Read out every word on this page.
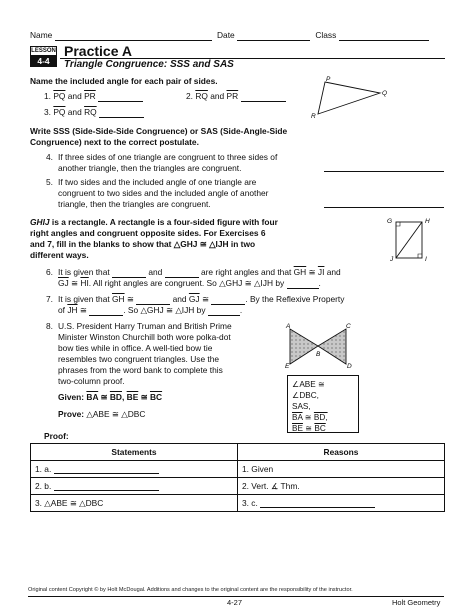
Name	Date	Class
LESSON
4-4
Practice A
Triangle Congruence: SSS and SAS
Name the included angle for each pair of sides.
1. $\overline{PQ}$ and $\overline{PR}$	2. $\overline{RQ}$ and $\overline{PR}$
3. $\overline{PQ}$ and $\overline{RQ}$
P
Q
R
Write SSS (Side-Side-Side Congruence) or SAS (Side-Angle-Side
Congruence) next to the correct postulate.
4. If three sides of one triangle are congruent to three sides of
another triangle, then the triangles are congruent.
5. If two sides and the included angle of one triangle are
congruent to two sides and the included angle of another
triangle, then the triangles are congruent.
GHIJ is a rectangle. A rectangle is a four-sided figure with four
right angles and congruent opposite sides. For Exercises 6
and 7, fill in the blanks to show that △GHJ ≅ △IJH in two
different ways.
G	H
J	I
6. It is given that	and	are right angles and that $\overline{GH}$ ≅ $\overline{JI}$ and
$\overline{GJ}$ ≅ $\overline{HI}$. All right angles are congruent. So △GHJ ≅ △IJH by	.
7. It is given that $\overline{GH}$ ≅	and $\overline{GJ}$ ≅	. By the Reflexive Property
of $\overline{JH}$ ≅	. So △GHJ ≅ △IJH by	.
8. U.S. President Harry Truman and British Prime
Minister Winston Churchill both wore polka-dot
bow ties while in office. A well-tied bow tie
resembles two congruent triangles. Use the
phrases from the word bank to complete this
two-column proof.
Given: $\overline{BA}$ ≅ $\overline{BD}$, $\overline{BE}$ ≅ $\overline{BC}$
Prove: △ABE ≅ △DBC
A
B
C
D
E
∠ABE ≅ ∠DBC,
SAS,
$\overline{BA}$ ≅ BD,
$\overline{BE}$ ≅ $\overline{BC}$
Proof:
Statements	Reasons
1. a.	1. Given
2. b.	2. Vert. ∡ Thm.
3. △ABE ≅ △DBC	3. c.
Original content Copyright © by Holt McDougal. Additions and changes to the original content are the responsibility of the instructor.
4-27	Holt Geometry
